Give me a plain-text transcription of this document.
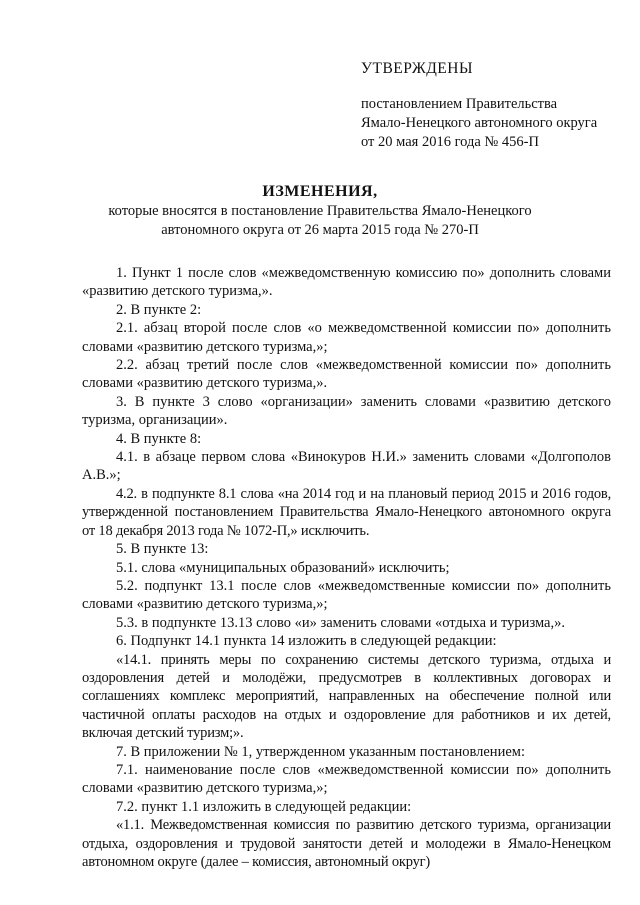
УТВЕРЖДЕНЫ
постановлением Правительства
Ямало-Ненецкого автономного округа
от 20 мая 2016 года № 456-П
ИЗМЕНЕНИЯ,
которые вносятся в постановление Правительства Ямало-Ненецкого
автономного округа от 26 марта 2015 года № 270-П

1. Пункт 1 после слов «межведомственную комиссию по» дополнить словами «развитию детского туризма,».

2. В пункте 2:

2.1. абзац второй после слов «о межведомственной комиссии по» дополнить словами «развитию детского туризма,»;

2.2. абзац третий после слов «межведомственной комиссии по» дополнить словами «развитию детского туризма,».

3. В пункте 3 слово «организации» заменить словами «развитию детского туризма, организации».

4. В пункте 8:

4.1. в абзаце первом слова «Винокуров Н.И.» заменить словами «Долгополов А.В.»;

4.2. в подпункте 8.1 слова «на 2014 год и на плановый период 2015 и 2016 годов, утвержденной постановлением Правительства Ямало-Ненецкого автономного округа от 18 декабря 2013 года № 1072-П,» исключить.

5. В пункте 13:

5.1. слова «муниципальных образований» исключить;

5.2. подпункт 13.1 после слов «межведомственные комиссии по» дополнить словами «развитию детского туризма,»;

5.3. в подпункте 13.13 слово «и» заменить словами «отдыха и туризма,».

6. Подпункт 14.1 пункта 14 изложить в следующей редакции:

«14.1. принять меры по сохранению системы детского туризма, отдыха и оздоровления детей и молодёжи, предусмотрев в коллективных договорах и соглашениях комплекс мероприятий, направленных на обеспечение полной или частичной оплаты расходов на отдых и оздоровление для работников и их детей, включая детский туризм;».

7. В приложении № 1, утвержденном указанным постановлением:

7.1. наименование после слов «межведомственной комиссии по» дополнить словами «развитию детского туризма,»;

7.2. пункт 1.1 изложить в следующей редакции:

«1.1. Межведомственная комиссия по развитию детского туризма, организации отдыха, оздоровления и трудовой занятости детей и молодежи в Ямало-Ненецком автономном округе (далее – комиссия, автономный округ)
